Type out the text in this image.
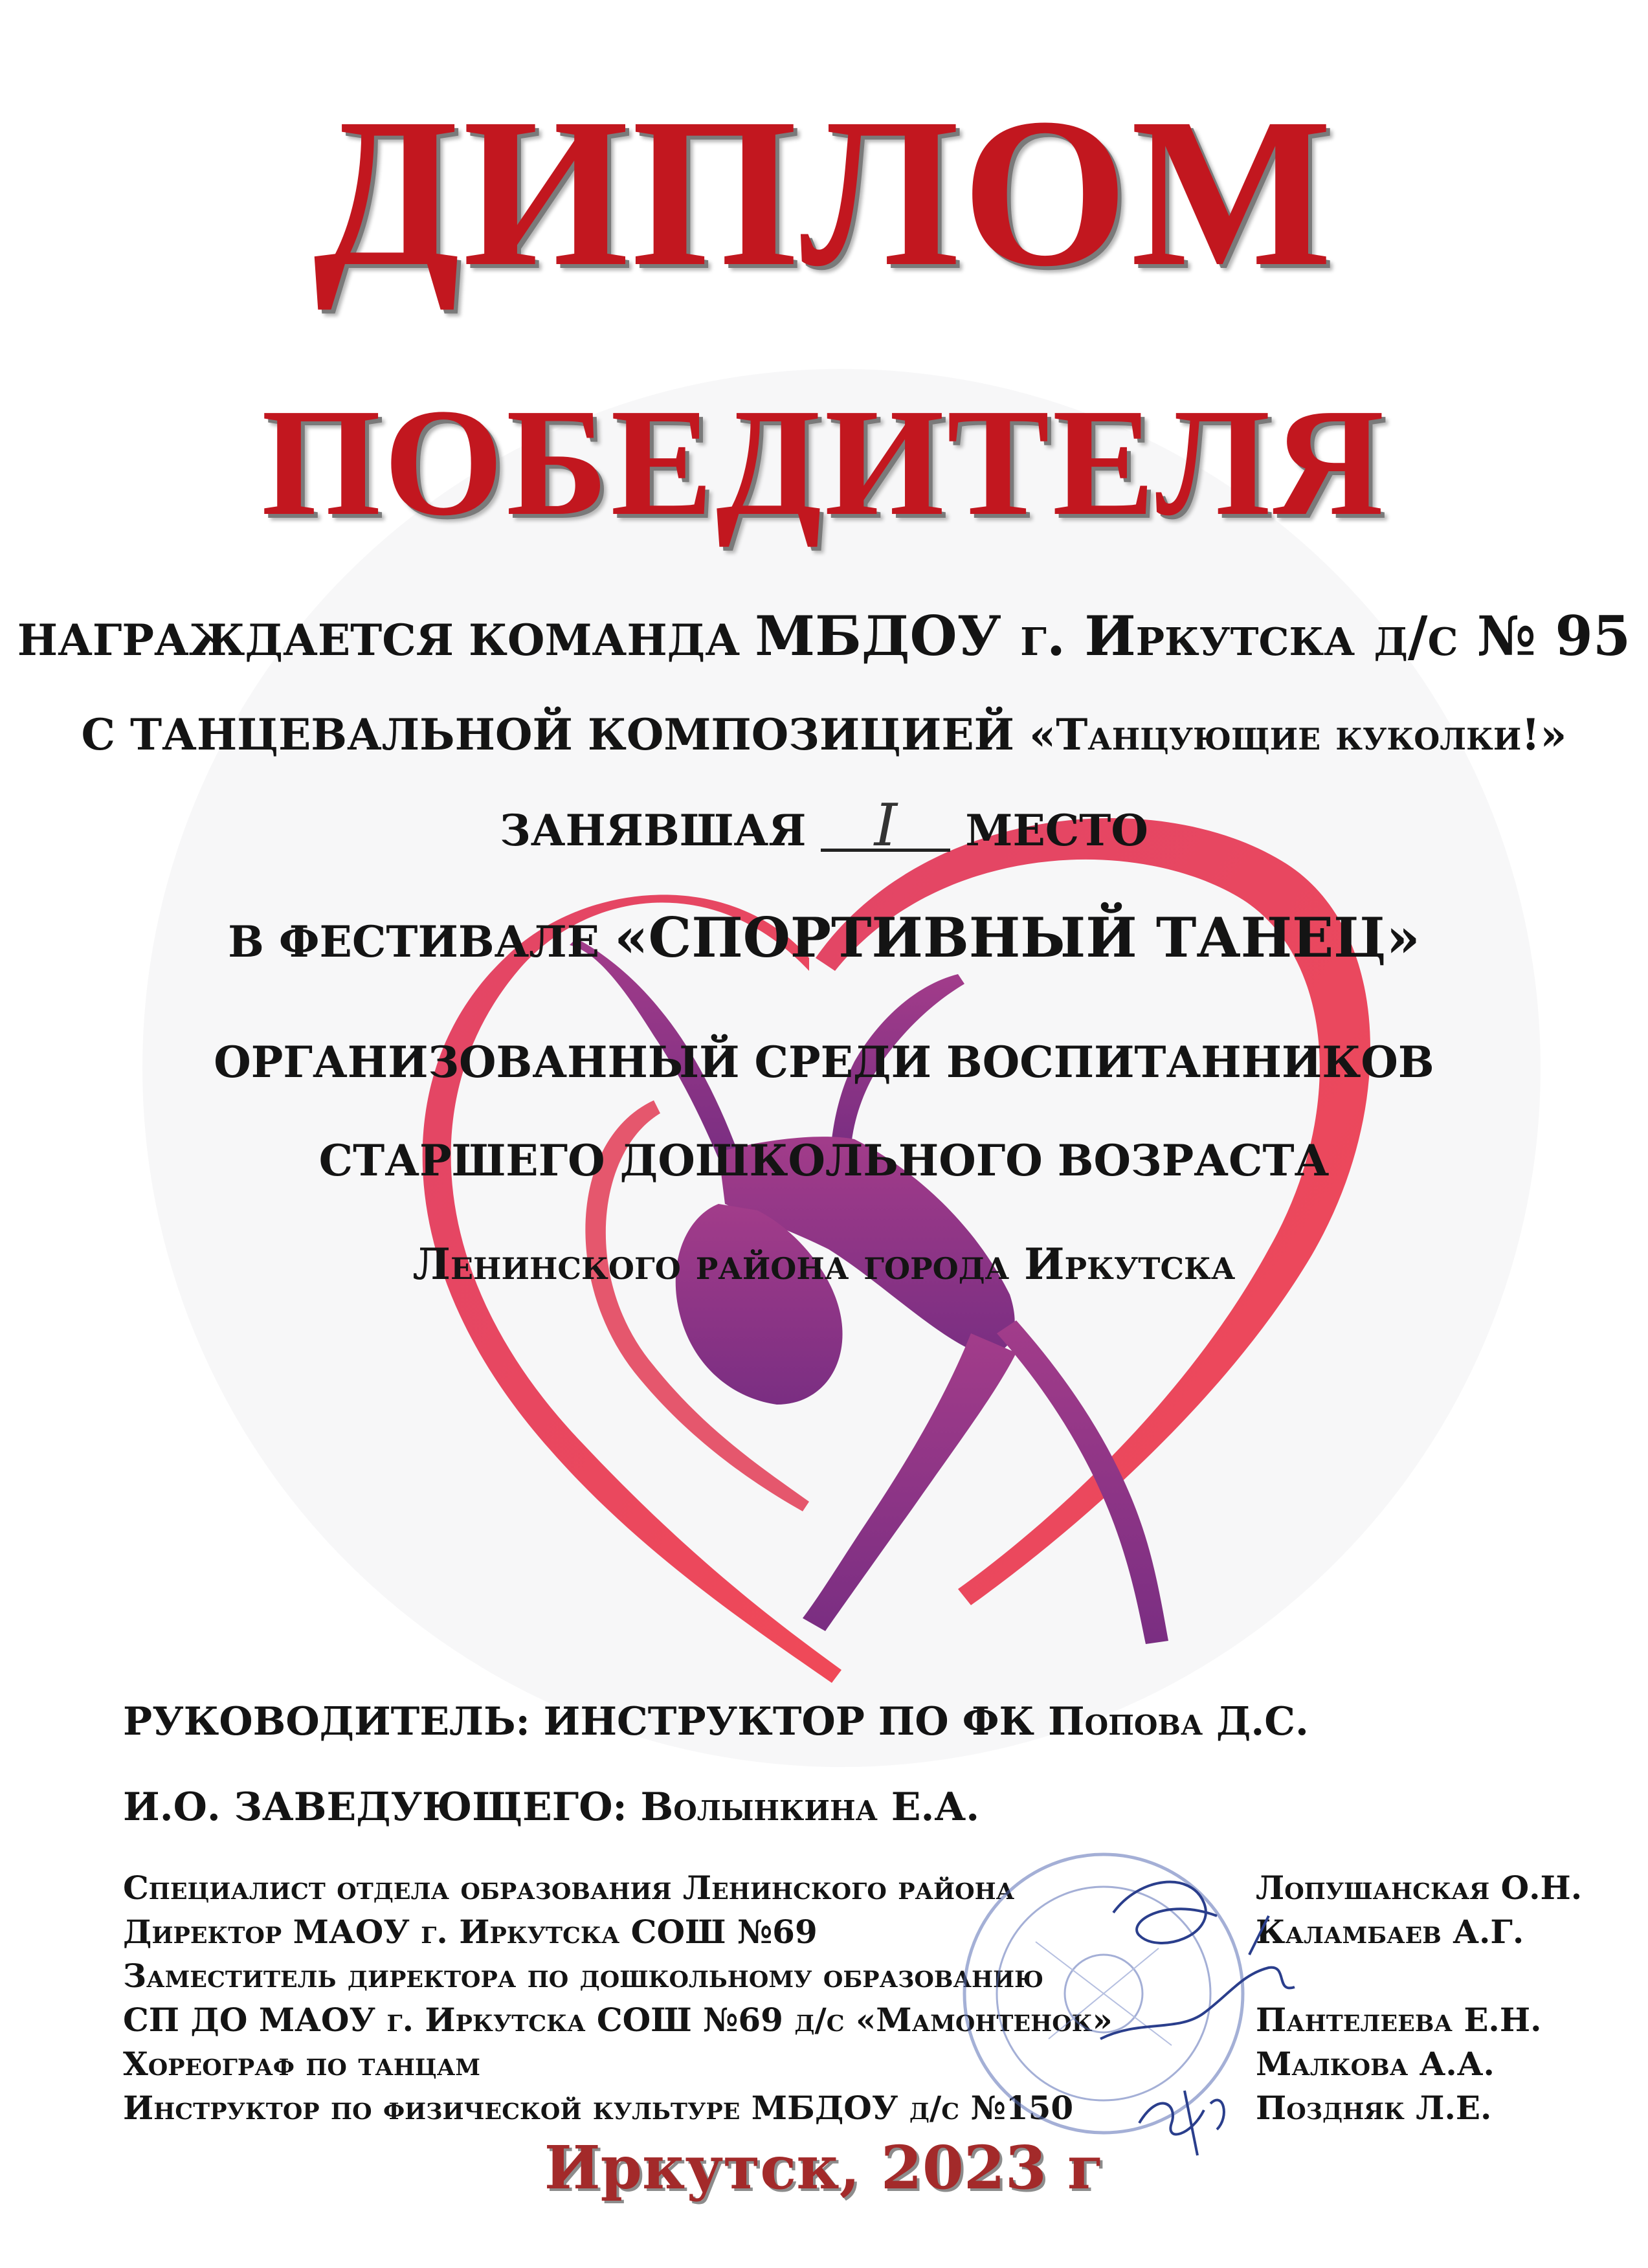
ДИПЛОМ
ПОБЕДИТЕЛЯ
НАГРАЖДАЕТСЯ КОМАНДА МБДОУ г. Иркутска д/с № 95
С ТАНЦЕВАЛЬНОЙ КОМПОЗИЦИЕЙ «Танцующие куколки!»
ЗАНЯВШАЯ I МЕСТО
В ФЕСТИВАЛЕ «СПОРТИВНЫЙ ТАНЕЦ»
ОРГАНИЗОВАННЫЙ СРЕДИ ВОСПИТАННИКОВ
СТАРШЕГО ДОШКОЛЬНОГО ВОЗРАСТА
Ленинского района города Иркутска
РУКОВОДИТЕЛЬ: ИНСТРУКТОР ПО ФК Попова Д.С.
И.О. ЗАВЕДУЮЩЕГО: Волынкина Е.А.
Специалист отдела образования Ленинского района
Директор МАОУ г. Иркутска СОШ №69
Заместитель директора по дошкольному образованию
СП ДО МАОУ г. Иркутска СОШ №69 д/с «Мамонтенок»
Хореограф по танцам
Инструктор по физической культуре МБДОУ д/с №150
Лопушанская О.Н.
Каламбаев А.Г.
Пантелеева Е.Н.
Малкова А.А.
Поздняк Л.Е.
Иркутск, 2023 г
